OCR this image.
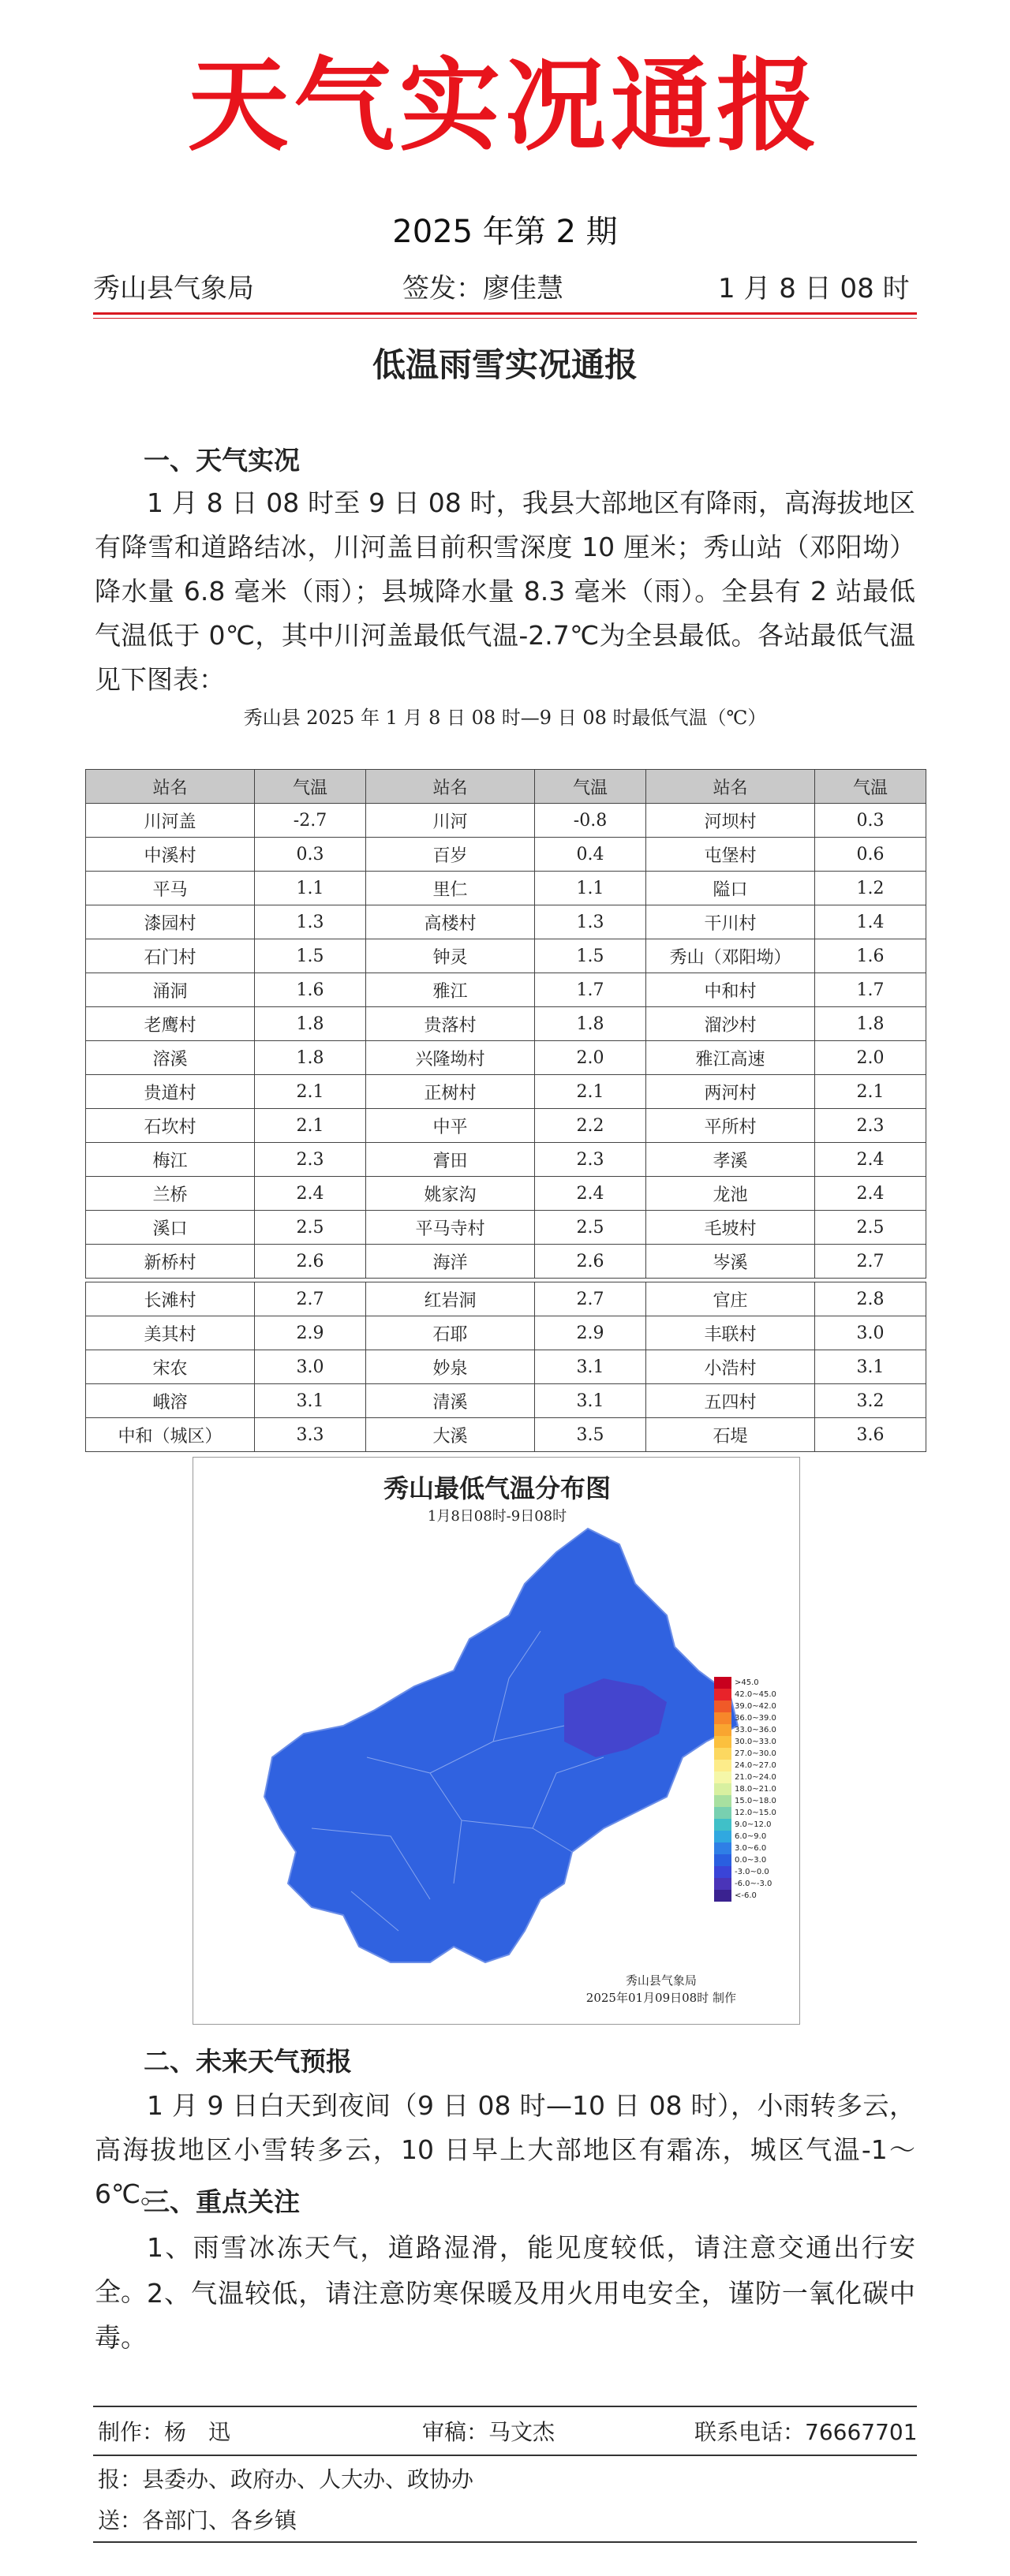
天气实况通报
2025 年第 2 期
秀山县气象局	签发：廖佳慧	1 月 8 日 08 时
低温雨雪实况通报
一、天气实况
1 月 8 日 08 时至 9 日 08 时，我县大部地区有降雨，高海拔地区有降雪和道路结冰，川河盖目前积雪深度 10 厘米；秀山站（邓阳坳）降水量 6.8 毫米（雨）；县城降水量 8.3 毫米（雨）。全县有 2 站最低气温低于 0℃，其中川河盖最低气温-2.7℃为全县最低。各站最低气温见下图表：
秀山县 2025 年 1 月 8 日 08 时—9 日 08 时最低气温（℃）
站名	气温	站名	气温	站名	气温
川河盖	-2.7	川河	-0.8	河坝村	0.3
中溪村	0.3	百岁	0.4	屯堡村	0.6
平马	1.1	里仁	1.1	隘口	1.2
漆园村	1.3	高楼村	1.3	干川村	1.4
石门村	1.5	钟灵	1.5	秀山（邓阳坳）	1.6
涌洞	1.6	雅江	1.7	中和村	1.7
老鹰村	1.8	贵落村	1.8	溜沙村	1.8
溶溪	1.8	兴隆坳村	2.0	雅江高速	2.0
贵道村	2.1	正树村	2.1	两河村	2.1
石坎村	2.1	中平	2.2	平所村	2.3
梅江	2.3	膏田	2.3	孝溪	2.4
兰桥	2.4	姚家沟	2.4	龙池	2.4
溪口	2.5	平马寺村	2.5	毛坡村	2.5
新桥村	2.6	海洋	2.6	岑溪	2.7
长滩村	2.7	红岩洞	2.7	官庄	2.8
美其村	2.9	石耶	2.9	丰联村	3.0
宋农	3.0	妙泉	3.1	小浩村	3.1
峨溶	3.1	清溪	3.1	五四村	3.2
中和（城区）	3.3	大溪	3.5	石堤	3.6
秀山最低气温分布图
1月8日08时-9日08时
>45.0
42.0~45.0
39.0~42.0
36.0~39.0
33.0~36.0
30.0~33.0
27.0~30.0
24.0~27.0
21.0~24.0
18.0~21.0
15.0~18.0
12.0~15.0
9.0~12.0
6.0~9.0
3.0~6.0
0.0~3.0
-3.0~0.0
-6.0~-3.0
<-6.0
秀山县气象局
2025年01月09日08时 制作
二、未来天气预报
1 月 9 日白天到夜间（9 日 08 时—10 日 08 时），小雨转多云，高海拔地区小雪转多云，10 日早上大部地区有霜冻，城区气温-1～6℃。
三、重点关注
1、雨雪冰冻天气，道路湿滑，能见度较低，请注意交通出行安全。 2、气温较低，请注意防寒保暖及用火用电安全，谨防一氧化碳中毒。
制作：杨　迅	审稿：马文杰	联系电话：76667701
报：县委办、政府办、人大办、政协办
送：各部门、各乡镇
